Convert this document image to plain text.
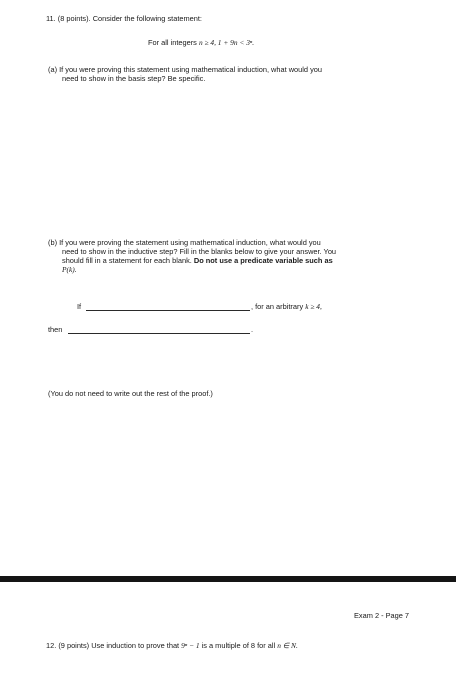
11. (8 points). Consider the following statement:
For all integers n ≥ 4, 1 + 9n < 3ⁿ.
(a) If you were proving this statement using mathematical induction, what would you
need to show in the basis step? Be specific.
(b) If you were proving the statement using mathematical induction, what would you
need to show in the inductive step? Fill in the blanks below to give your answer. You
should fill in a statement for each blank. Do not use a predicate variable such as
P(k).
If	, for an arbitrary k ≥ 4,
then	.
(You do not need to write out the rest of the proof.)
Exam 2 - Page 7
12. (9 points) Use induction to prove that 9ⁿ − 1 is a multiple of 8 for all n ∈ N.
